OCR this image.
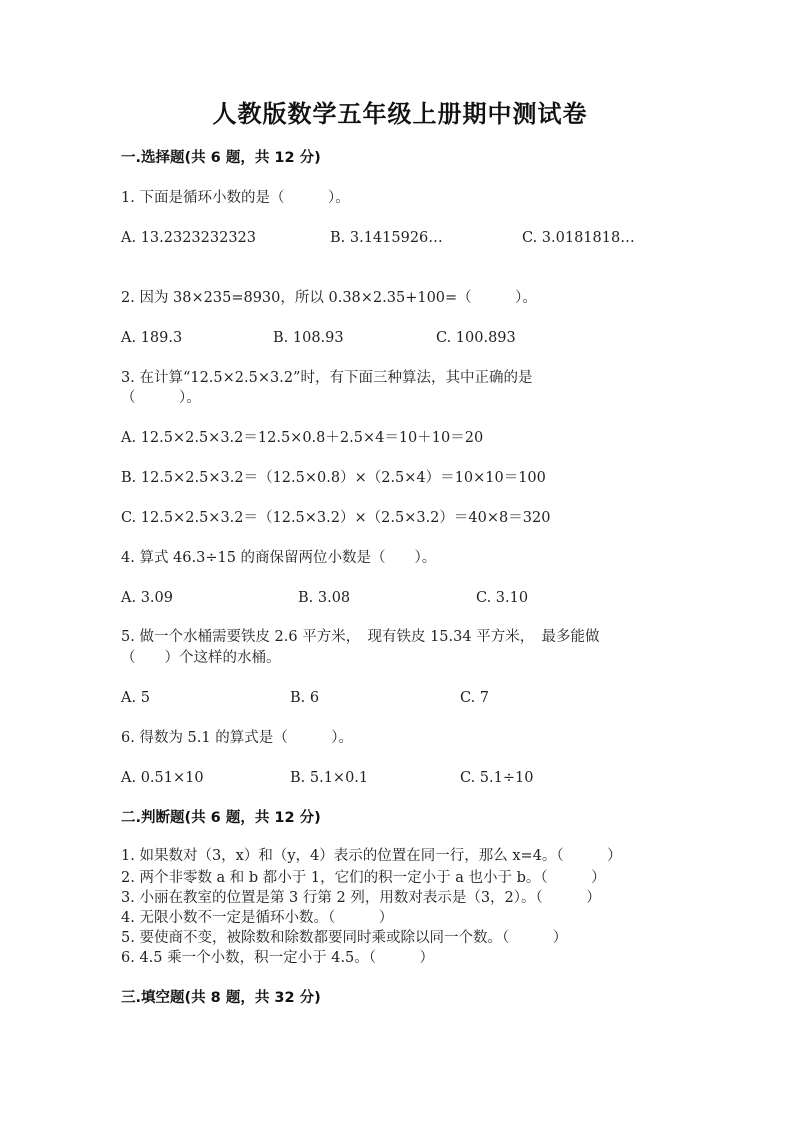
人教版数学五年级上册期中测试卷
一.选择题(共 6 题，共 12 分)
1. 下面是循环小数的是（　　　）。
A. 13.2323232323	B. 3.1415926…	C. 3.0181818…
2. 因为 38×235=8930，所以 0.38×2.35+100=（　　　）。
A. 189.3	B. 108.93	C. 100.893
3. 在计算“12.5×2.5×3.2”时，有下面三种算法，其中正确的是
（　　　）。
A. 12.5×2.5×3.2＝12.5×0.8＋2.5×4＝10＋10＝20
B. 12.5×2.5×3.2＝（12.5×0.8）×（2.5×4）＝10×10＝100
C. 12.5×2.5×3.2＝（12.5×3.2）×（2.5×3.2）＝40×8＝320
4. 算式 46.3÷15 的商保留两位小数是（　　）。
A. 3.09	B. 3.08	C. 3.10
5. 做一个水桶需要铁皮 2.6 平方米，　现有铁皮 15.34 平方米，　最多能做
（　　）个这样的水桶。
A. 5	B. 6	C. 7
6. 得数为 5.1 的算式是（　　　）。
A. 0.51×10	B. 5.1×0.1	C. 5.1÷10
二.判断题(共 6 题，共 12 分)
1. 如果数对（3，x）和（y，4）表示的位置在同一行，那么 x=4。（　　　）
2. 两个非零数 a 和 b 都小于 1，它们的积一定小于 a 也小于 b。（　　　）
3. 小丽在教室的位置是第 3 行第 2 列，用数对表示是（3，2）。（　　　）
4. 无限小数不一定是循环小数。（　　　）
5. 要使商不变，被除数和除数都要同时乘或除以同一个数。（　　　）
6. 4.5 乘一个小数，积一定小于 4.5。（　　　）
三.填空题(共 8 题，共 32 分)
